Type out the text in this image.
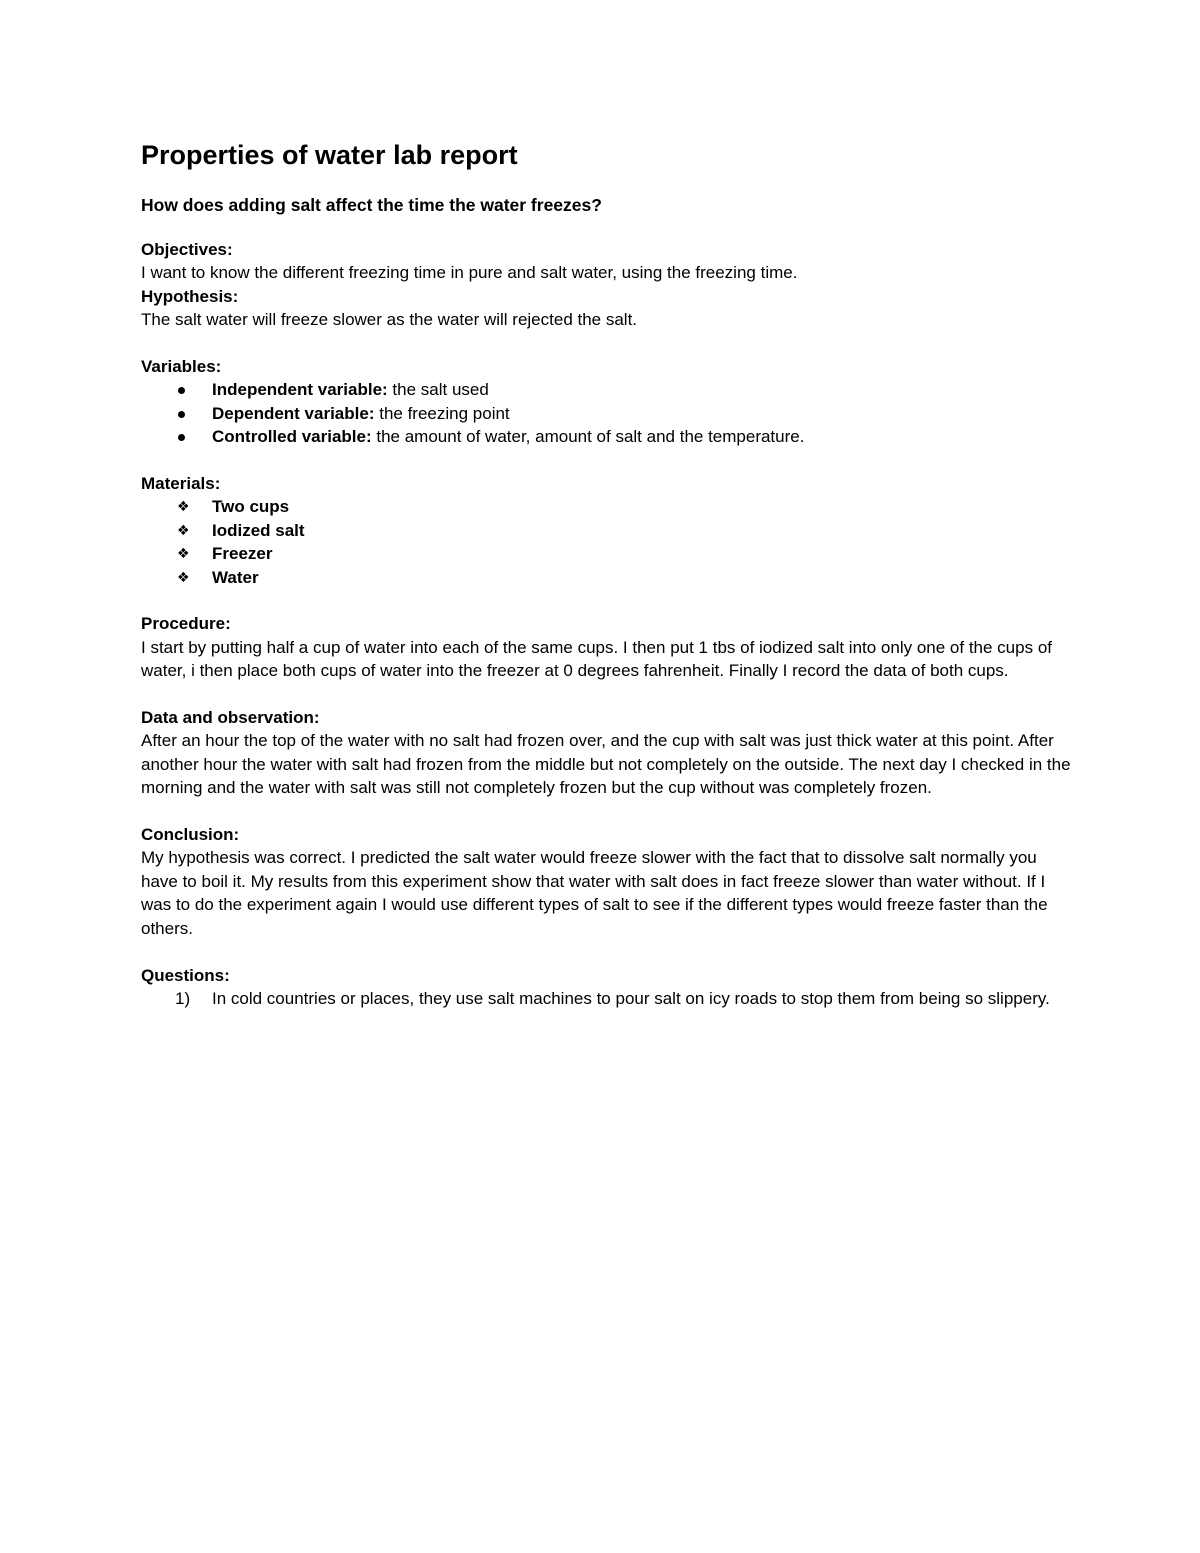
Properties of water lab report

How does adding salt affect the time the water freezes?

Objectives:

I want to know the different freezing time in pure and salt water, using the freezing time.

Hypothesis:

The salt water will freeze slower as the water will rejected the salt.

Variables:

Independent variable: the salt used
Dependent variable: the freezing point
Controlled variable: the amount of water, amount of salt and the temperature.

Materials:

❖ Two cups
❖ Iodized salt
❖ Freezer
❖ Water

Procedure:

I start by putting half a cup of water into each of the same cups. I then put 1 tbs of iodized salt into only one of the cups of water, i then place both cups of water into the freezer at 0 degrees fahrenheit. Finally I record the data of both cups.

Data and observation:

After an hour the top of the water with no salt had frozen over, and the cup with salt was just thick water at this point. After another hour the water with salt had frozen from the middle but not completely on the outside. The next day I checked in the morning and the water with salt was still not completely frozen but the cup without was completely frozen.

Conclusion:

My hypothesis was correct. I predicted the salt water would freeze slower with the fact that to dissolve salt normally you have to boil it. My results from this experiment show that water with salt does in fact freeze slower than water without. If I was to do the experiment again I would use different types of salt to see if the different types would freeze faster than the others.

Questions:

1) In cold countries or places, they use salt machines to pour salt on icy roads to stop them from being so slippery.
